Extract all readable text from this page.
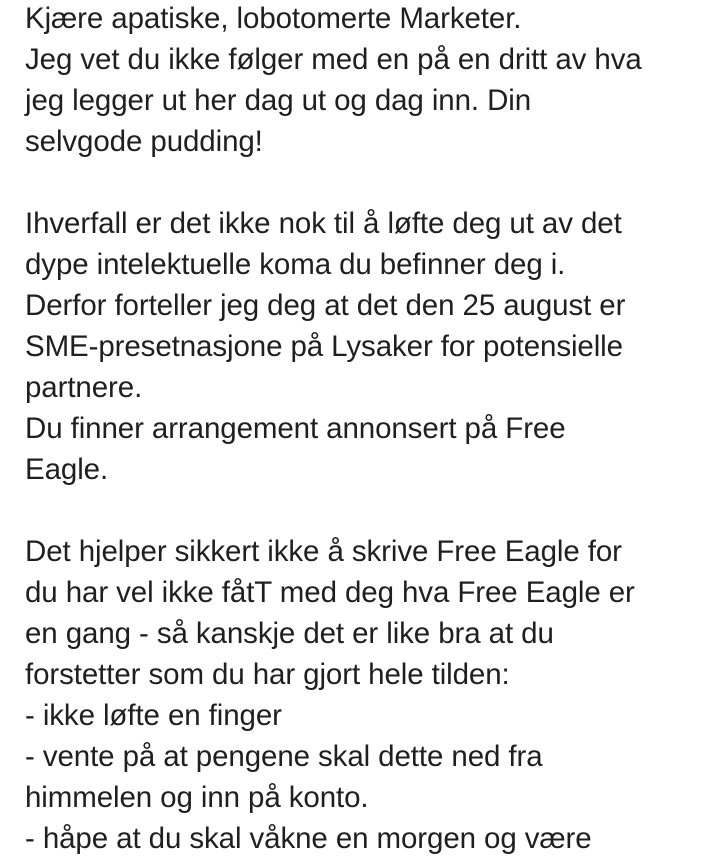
Kjære apatiske, lobotomerte Marketer.
Jeg vet du ikke følger med en på en dritt av hva
jeg legger ut her dag ut og dag inn. Din
selvgode pudding!
Ihverfall er det ikke nok til å løfte deg ut av det
dype intelektuelle koma du befinner deg i.
Derfor forteller jeg deg at det den 25 august er
SME-presetnasjone på Lysaker for potensielle
partnere.
Du finner arrangement annonsert på Free
Eagle.
Det hjelper sikkert ikke å skrive Free Eagle for
du har vel ikke fåtT med deg hva Free Eagle er
en gang - så kanskje det er like bra at du
forstetter som du har gjort hele tilden:
- ikke løfte en finger
- vente på at pengene skal dette ned fra
himmelen og inn på konto.
- håpe at du skal våkne en morgen og være
